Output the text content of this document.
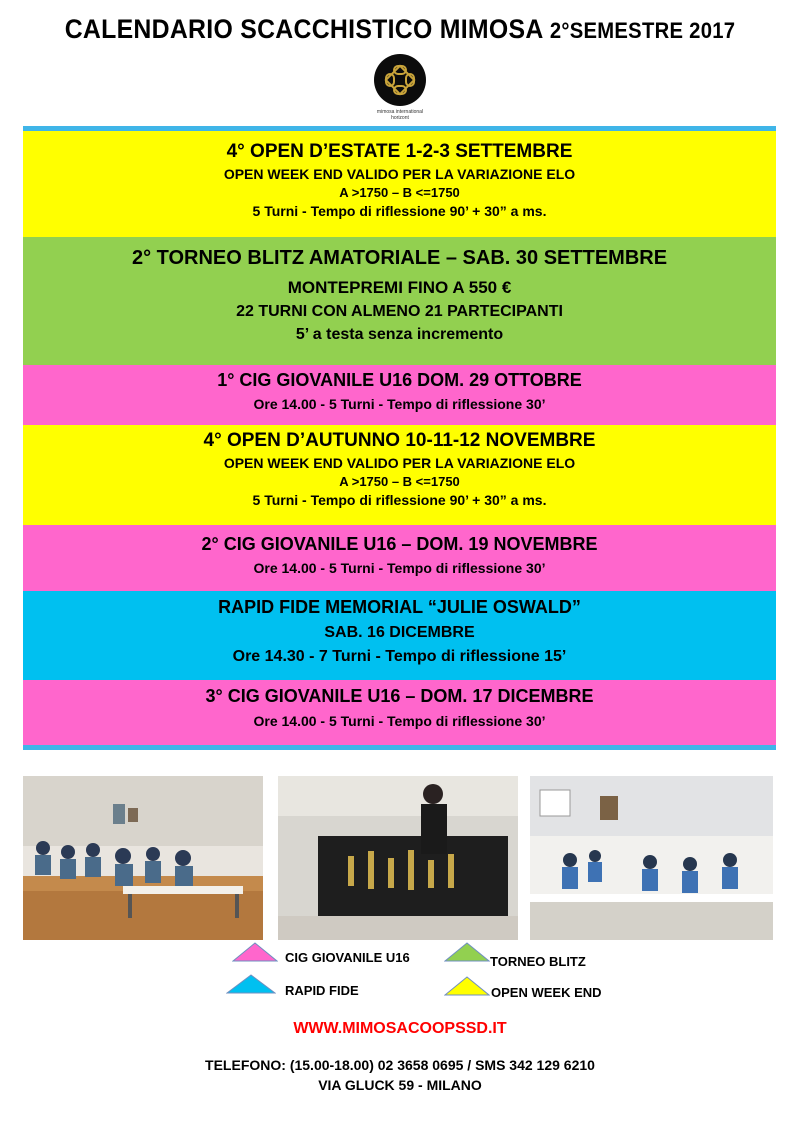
CALENDARIO SCACCHISTICO MIMOSA 2°SEMESTRE 2017
mimosa international horizont
4° OPEN D’ESTATE 1-2-3 SETTEMBRE
OPEN WEEK END VALIDO PER LA VARIAZIONE ELO
A >1750 – B <=1750
5 Turni - Tempo di riflessione 90’ + 30” a ms.
2° TORNEO BLITZ AMATORIALE – SAB. 30 SETTEMBRE
MONTEPREMI FINO A 550 €
22 TURNI CON ALMENO 21 PARTECIPANTI
5’ a testa senza incremento
1° CIG GIOVANILE U16 DOM. 29 OTTOBRE
Ore 14.00 - 5 Turni - Tempo di riflessione 30’
4° OPEN D’AUTUNNO 10-11-12 NOVEMBRE
OPEN WEEK END VALIDO PER LA VARIAZIONE ELO
A >1750 – B <=1750
5 Turni - Tempo di riflessione 90’ + 30” a ms.
2° CIG GIOVANILE U16 – DOM. 19 NOVEMBRE
Ore 14.00 - 5 Turni - Tempo di riflessione 30’
RAPID FIDE MEMORIAL “JULIE OSWALD”
SAB. 16 DICEMBRE
Ore 14.30 - 7 Turni - Tempo di riflessione 15’
3° CIG GIOVANILE U16 – DOM. 17 DICEMBRE
Ore 14.00 - 5 Turni - Tempo di riflessione 30’
CIG GIOVANILE U16	TORNEO BLITZ
RAPID FIDE	OPEN WEEK END
WWW.MIMOSACOOPSSD.IT
TELEFONO: (15.00-18.00) 02 3658 0695 / SMS 342 129 6210
VIA GLUCK 59 - MILANO
